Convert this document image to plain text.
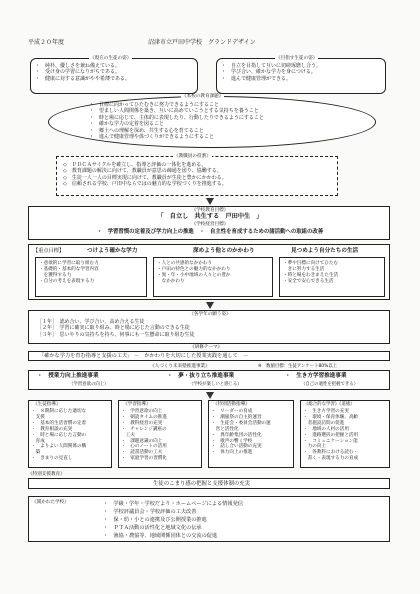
平成２０年度	沼津市立戸田中学校　グランドデザイン
《現在の生徒の姿》
・　純朴、優しさを兼ね備えている。
・　受け身の学習になりがちである。
・　健康に対する意識がやや希薄である。
《目指す生徒の姿》
・　自立を目指して互いに切磋琢磨し合う。
・　学び合い、確かな学力を身につける。
・　進んで健康管理ができる。
《本校の教育課題》
・　目標に向かってひたむきに努力できるようにすること
・　望ましい人間関係を築き、互いに高めていこうとする気持ちを養うこと
・　時と場に応じて、主体的に表現したり、行動したりできるようにすること
・　確かな学力の定着を図ること
・　郷土への理解を深め、共生する心を育てること
・　進んで健康管理や体づくりができるようにすること
《教職員の役割》
◇　ＰＤＣＡサイクルを確立し、指導と評価の一体化を進める。
◇　教育課題の解決に向けて、教職員が意思の疎通を図り、協働する。
◇　生徒一人一人の目標実現に向けて、教職員が生徒と豊かにかかわる。
◇　信頼される学校、戸田中ならではの魅力的な学校づくりを推進する。
《学校教育目標》
「　自立し　共生する　戸田中生　」
《学校経営目標》
・　学習習慣の定着及び学力向上の推進　・　自主性を育成するための諸活動への取組の改善
【重点目標】	つけよう確かな学力	深めよう他とのかかわり	見つめよう自分たちの生活
・意欲的に学習に取り組む力
・基礎的・基本的な学習内容
　を獲得する力
・自分の考えを表現する力
・人との共感的なかかわり
・戸田の特色との魅力的なかかわり
・異・年・小中地域の人々との豊か
　なかかわり
・夢や目標に向けてひたむ
　きに努力する生活
・時と場をわきまえた生活
・安全で安心できる生活
《各学年の願う姿》
［１年］　認め合い、学び合い、高め合える生徒
［２年］　学習に確実に取り組み、時と場に応じた言動のできる生徒
［３年］　思いやりの気持ちを持ち、何事にも一生懸命に取り組む生徒
《研修テーマ》
「確かな学力を育む指導と支援の工夫」 －　かかわりを大切にした授業実践を通して　－
《人づくり未来塾推進事業》	※　数値目標：生徒アンケート80%以上
・　授業力向上推進事業	・　夢・抜り立ち推進事業	・　生き方学習推進事業
（学習意欲の向上）	（学校が楽しいと感じる）	（自己の適性を把握できる）
《生徒指導》
・　８期制に応じた適切な
　支援
・　基本的生活習慣の定着
・　教育相談の充実
・　時と場に応じた言動の
　育成
・　よりよい人間関係の構
　築
・　きまりの見直し
《学習指導》
・　学習意欲の向上
・　朝読タイムの推進
・　教科経営の充実
・　チャレンジ講座の
　工夫
・　課題意識の向上
・　心のノートの活用
・　読書活動の工夫
・　家庭学習の習慣化
《特別活動指導》
・　リーダーの育成
・　潮風祭の自主的運営
・　生徒会・委員会活動の運
　営と活性化
・　異年齢集団の活性化
・　歌声の響く学校
・　話し合い活動の充実
・　体力向上の推進
《総合的な学習》《道徳》
・　生き方学習の充実
・　環境・保育体験、高齢
　者施設訪問の促進
・　地域の人材の活用
・　進路選択の把握と活用
・　コミュニケーション能
　力の向上
・　各教科における読む・
　書く・表現する力の育成
《特別支援教育》
生徒のこまり感の把握と支援体制の充実
《開かれた学校》	・　学級・学年・学校だより・ホームページによる情報発信
・　学校評議員会・学校評価の工夫改善
・　保・幼・小との連携及び公開授業の推進
・　ＰＴＡ活動の活性化と地域文化の伝承
・　漁協・農協等、地域関係団体との交流の促進
